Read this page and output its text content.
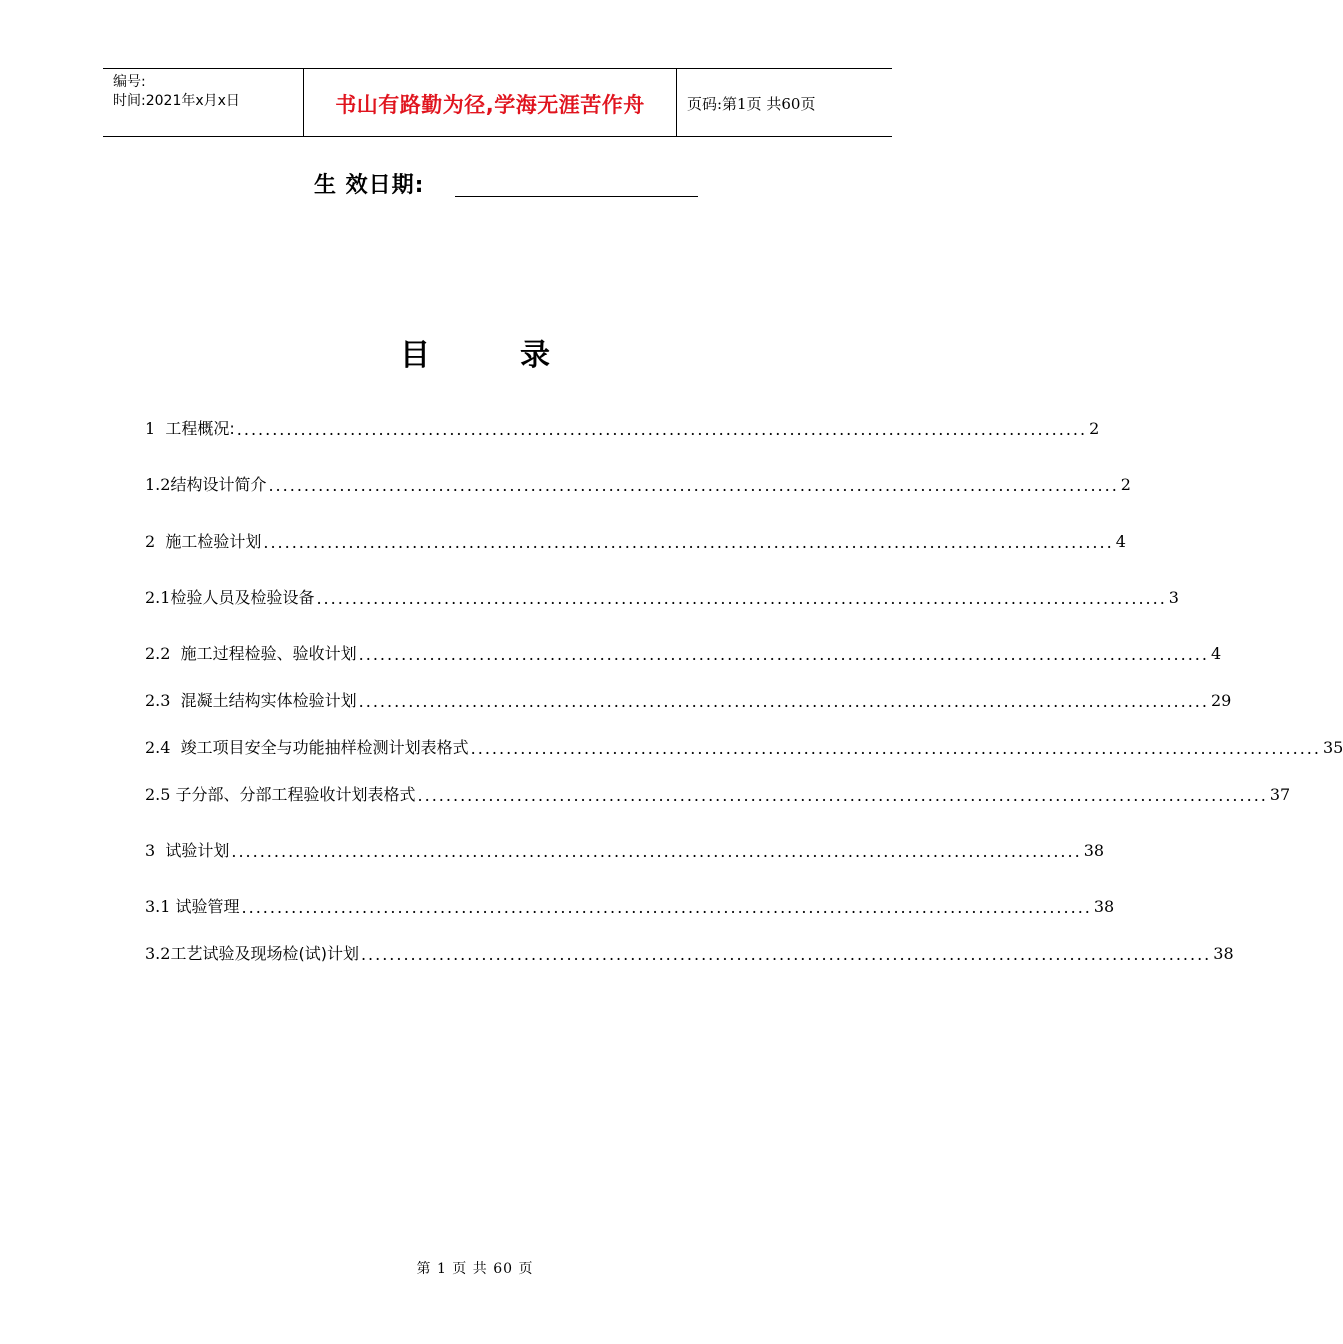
编号:
时间:2021年x月x日	书山有路勤为径,学海无涯苦作舟	页码:第1页 共60页
生 效日期:
目	录
1 工程概况: ........................................................................................................................ 2
1.2 结构设计简介 ........................................................................................................................ 2
2 施工检验计划 ........................................................................................................................ 4
2.1 检验人员及检验设备 ........................................................................................................................ 3
2.2 施工过程检验、验收计划 ........................................................................................................................ 4
2.3 混凝土结构实体检验计划 ........................................................................................................................ 29
2.4 竣工项目安全与功能抽样检测计划表格式 ........................................................................................................................ 35
2.5 子分部、分部工程验收计划表格式 ........................................................................................................................ 37
3 试验计划 ........................................................................................................................ 38
3.1 试验管理 ........................................................................................................................ 38
3.2 工艺试验及现场检(试)计划 ........................................................................................................................ 38
第 1 页 共 60 页
